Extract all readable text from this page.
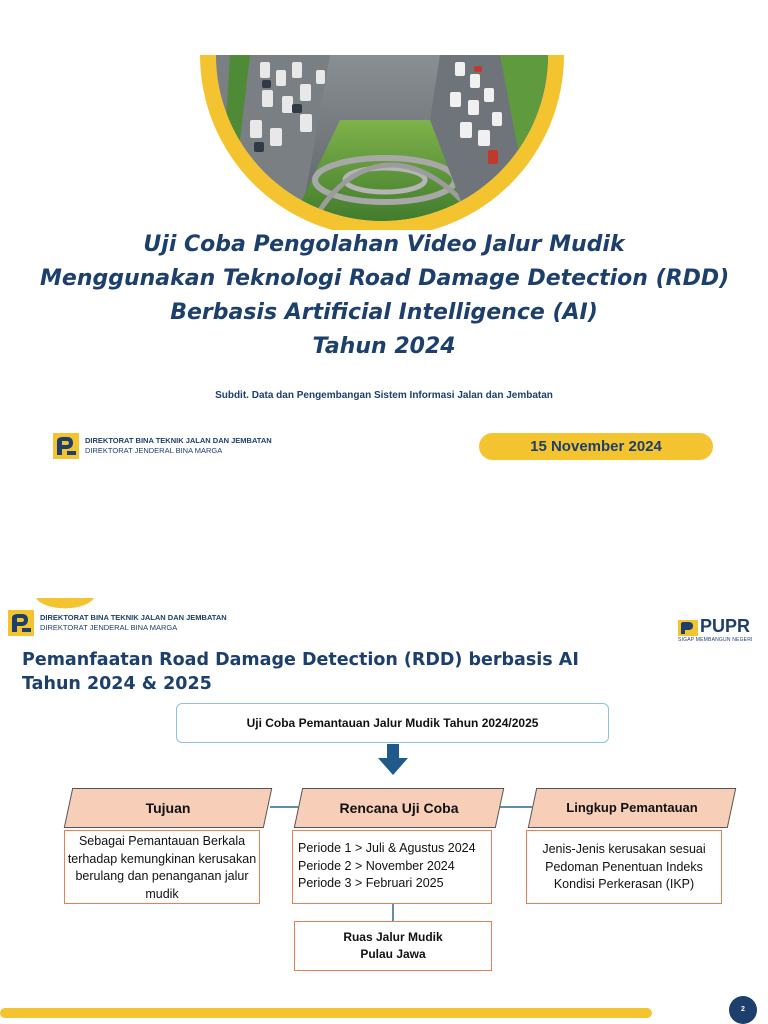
Uji Coba Pengolahan Video Jalur Mudik
Menggunakan Teknologi Road Damage Detection (RDD)
Berbasis Artificial Intelligence (AI)
Tahun 2024
Subdit. Data dan Pengembangan Sistem Informasi Jalan dan Jembatan
DIREKTORAT BINA TEKNIK JALAN DAN JEMBATAN
DIREKTORAT JENDERAL BINA MARGA	15 November 2024
DIREKTORAT BINA TEKNIK JALAN DAN JEMBATAN
DIREKTORAT JENDERAL BINA MARGA	PUPR
SIGAP MEMBANGUN NEGERI
Pemanfaatan Road Damage Detection (RDD) berbasis AI
Tahun 2024 & 2025
Uji Coba Pemantauan Jalur Mudik Tahun 2024/2025
Tujuan
Sebagai Pemantauan Berkala terhadap kemungkinan kerusakan berulang dan penanganan jalur mudik
Rencana Uji Coba
Periode 1 > Juli & Agustus 2024
Periode 2 > November 2024
Periode 3 > Februari 2025
Lingkup Pemantauan
Jenis-Jenis kerusakan sesuai Pedoman Penentuan Indeks Kondisi Perkerasan (IKP)
Ruas Jalur Mudik
Pulau Jawa
2
